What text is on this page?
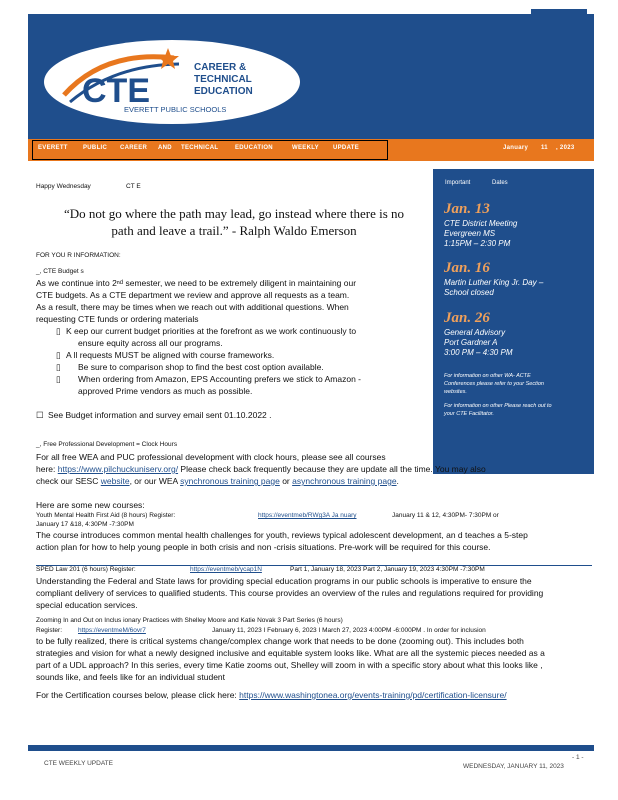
CTE
CAREER &
TECHNICAL
EDUCATION
EVERETT PUBLIC SCHOOLS
EVERETT	PUBLIC CAREER AND TECHNICAL	EDUCATION	WEEKLY UPDATE	January 11 , 2023
Important	Dates
Jan. 13
CTE District Meeting
Evergreen MS
1:15PM – 2:30 PM
Jan. 16
Martin Luther King Jr. Day –
School closed
Jan. 26
General Advisory
Port Gardner A
3:00 PM – 4:30 PM
For information on other WA- ACTE
Conferences please refer to your Section
websites.
For information on other Please reach out to
your CTE Facilitator.
Happy Wednesday	CT E
“Do not go where the path may lead, go instead where there is no
path and leave a trail.” - Ralph Waldo Emerson
FOR YOU R INFORMATION:
_, CTE Budget s
As we continue into 2ⁿᵈ semester, we need to be extremely diligent in maintaining our
CTE budgets. As a CTE department we review and approve all requests as a team.
As a result, there may be times when we reach out with additional questions. When
requesting CTE funds or ordering materials
▯ K eep our current budget priorities at the forefront as we work continuously to
ensure equity across all our programs.
▯ A ll requests MUST be aligned with course frameworks.
▯ Be sure to comparison shop to find the best cost option available.
▯ When ordering from Amazon, EPS Accounting prefers we stick to Amazon -
approved Prime vendors as much as possible.
☐ See Budget information and survey email sent 01.10.2022 .
_, Free Professional Development = Clock Hours
For all free WEA and PUC professional development with clock hours, please see all courses
here: https://www.pilchuckuniserv.org/ Please check back frequently because they are update all the time. You may also
check our SESC website, or our WEA synchronous training page or asynchronous training page.
Here are some new courses:
Youth Mental Health First Aid (8 hours) Register:	https://eventmeb/RWg3A Ja nuary	January 11 & 12, 4:30PM- 7:30PM or
January 17 &18, 4:30PM -7:30PM
The course introduces common mental health challenges for youth, reviews typical adolescent development, an d teaches a 5-step
action plan for how to help young people in both crisis and non -crisis situations. Pre-work will be required for this course.
SPED Law 201 (6 hours) Register:	https://eventmeb/ycap1N	Part 1, January 18, 2023 Part 2, January 19, 2023 4:30PM -7:30PM
Understanding the Federal and State laws for providing special education programs in our public schools is imperative to ensure the
compliant delivery of services to qualified students. This course provides an overview of the rules and regulations required for providing
special education services.
Zooming In and Out on Inclus ionary Practices with Shelley Moore and Katie Novak 3 Part Series (6 hours)
Register: https://eventmeM/6ovr7	January 11, 2023 I February 6, 2023 I March 27, 2023 4:00PM -6:000PM . In order for inclusion
to be fully realized, there is critical systems change/complex change work that needs to be done (zooming out). This includes both
strategies and vision for what a newly designed inclusive and equitable system looks like. What are all the systemic pieces needed as a
part of a UDL approach? In this series, every time Katie zooms out, Shelley will zoom in with a specific story about what this looks like ,
sounds like, and feels like for an individual student
For the Certification courses below, please click here: https://www.washingtonea.org/events-training/pd/certification-licensure/
CTE WEEKLY UPDATE
- 1 -
WEDNESDAY, JANUARY 11, 2023
